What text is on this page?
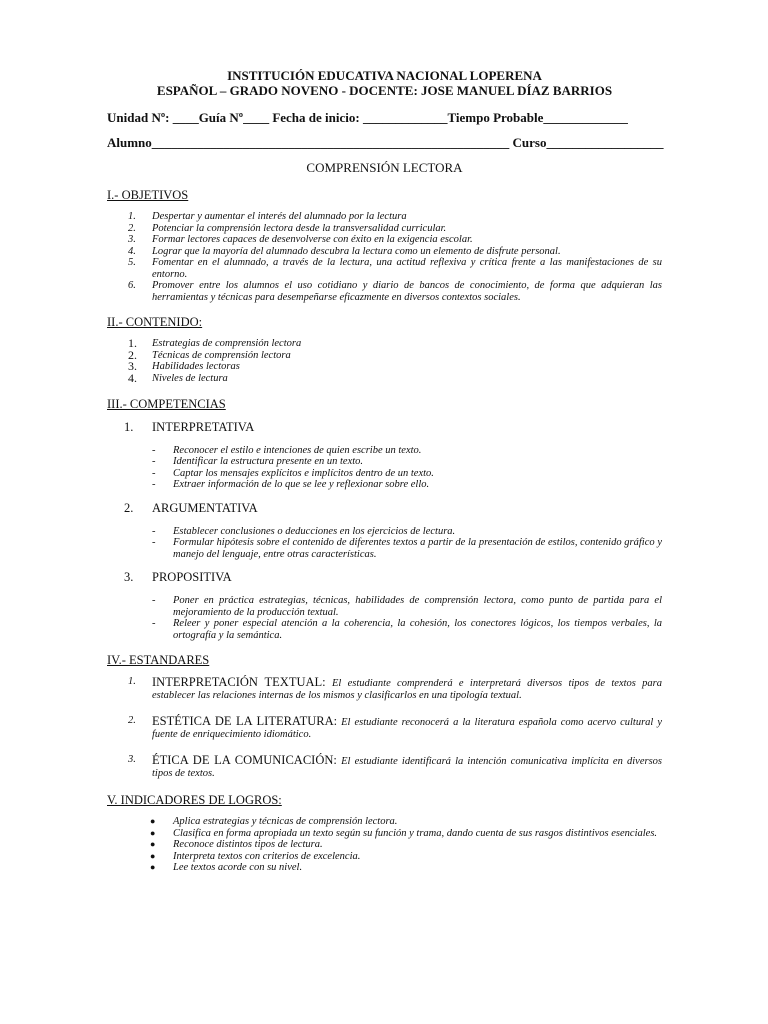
INSTITUCIÓN EDUCATIVA NACIONAL LOPERENA

ESPAÑOL – GRADO NOVENO - DOCENTE: JOSE MANUEL DÍAZ BARRIOS

Unidad Nº: ____Guía Nº____ Fecha de inicio: _____________Tiempo Probable_____________

Alumno_______________________________________________________ Curso__________________

COMPRENSIÓN LECTORA

I.- OBJETIVOS

1. Despertar y aumentar el interés del alumnado por la lectura
2. Potenciar la comprensión lectora desde la transversalidad curricular.
3. Formar lectores capaces de desenvolverse con éxito en la exigencia escolar.
4. Lograr que la mayoría del alumnado descubra la lectura como un elemento de disfrute personal.
5. Fomentar en el alumnado, a través de la lectura, una actitud reflexiva y crítica frente a las manifestaciones de su entorno.
6. Promover entre los alumnos el uso cotidiano y diario de bancos de conocimiento, de forma que adquieran las herramientas y técnicas para desempeñarse eficazmente en diversos contextos sociales.

II.- CONTENIDO:

1. Estrategias de comprensión lectora
2. Técnicas de comprensión lectora
3. Habilidades lectoras
4. Niveles de lectura

III.- COMPETENCIAS

1. INTERPRETATIVA

- Reconocer el estilo e intenciones de quien escribe un texto.
- Identificar la estructura presente en un texto.
- Captar los mensajes explícitos e implícitos dentro de un texto.
- Extraer información de lo que se lee y reflexionar sobre ello.

2. ARGUMENTATIVA

- Establecer conclusiones o deducciones en los ejercicios de lectura.
- Formular hipótesis sobre el contenido de diferentes textos a partir de la presentación de estilos, contenido gráfico y manejo del lenguaje, entre otras características.

3. PROPOSITIVA

- Poner en práctica estrategias, técnicas, habilidades de comprensión lectora, como punto de partida para el mejoramiento de la producción textual.
- Releer y poner especial atención a la coherencia, la cohesión, los conectores lógicos, los tiempos verbales, la ortografía y la semántica.

IV.- ESTANDARES

1. INTERPRETACIÓN TEXTUAL: El estudiante comprenderá e interpretará diversos tipos de textos para establecer las relaciones internas de los mismos y clasificarlos en una tipología textual.

2. ESTÉTICA DE LA LITERATURA: El estudiante reconocerá a la literatura española como acervo cultural y fuente de enriquecimiento idiomático.

3. ÉTICA DE LA COMUNICACIÓN: El estudiante identificará la intención comunicativa implícita en diversos tipos de textos.

V. INDICADORES DE LOGROS:

● Aplica estrategias y técnicas de comprensión lectora.
● Clasifica en forma apropiada un texto según su función y trama, dando cuenta de sus rasgos distintivos esenciales.
● Reconoce distintos tipos de lectura.
● Interpreta textos con criterios de excelencia.
● Lee textos acorde con su nivel.
